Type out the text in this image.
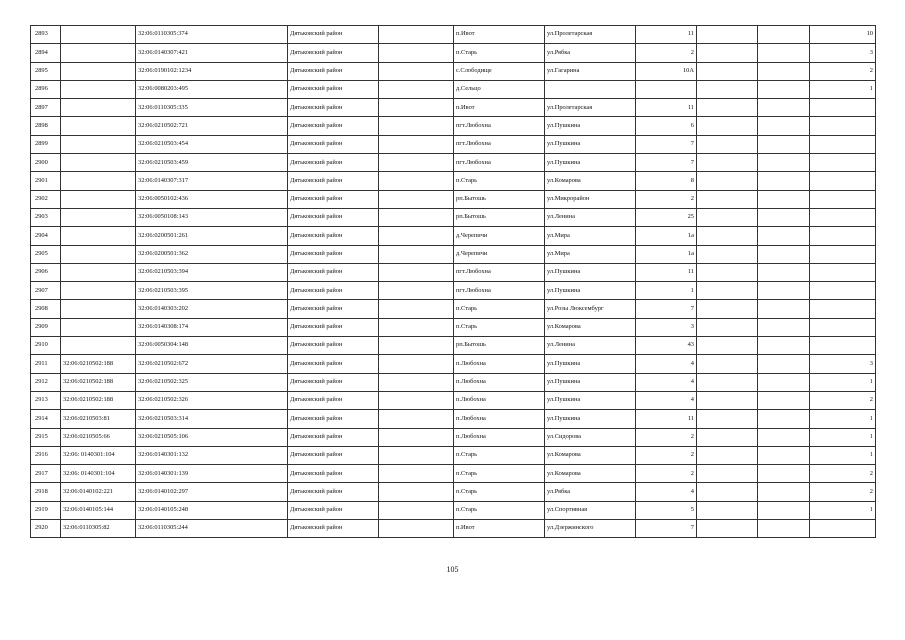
2893		32:06:0110305:374	Дятьковский район		п.Ивот	ул.Пролетарская	11			10
2894		32:06:0140307:421	Дятьковский район		п.Старь	ул.Рябка	2			3
2895		32:06:0190102:1234	Дятьковский район		с.Слободище	ул.Гагарина	10А			2
2896		32:06:0080203:495	Дятьковский район		д.Сельцо					1
2897		32:06:0110305:335	Дятьковский район		п.Ивот	ул.Пролетарская	11			
2898		32:06:0210502:721	Дятьковский район		пгт.Любохна	ул.Пушкина	6			
2899		32:06:0210503:454	Дятьковский район		пгт.Любохна	ул.Пушкина	7			
2900		32:06:0210503:459	Дятьковский район		пгт.Любохна	ул.Пушкина	7			
2901		32:06:0140307:317	Дятьковский район		п.Старь	ул.Комарова	8			
2902		32:06:0050102:436	Дятьковский район		рп.Бытошь	ул.Микрорайон	2			
2903		32:06:0050108:143	Дятьковский район		рп.Бытошь	ул.Ленина	25			
2904		32:06:0200501:261	Дятьковский район		д.Черепичи	ул.Мира	1а			
2905		32:06:0200501:362	Дятьковский район		д.Черепичи	ул.Мира	1а			
2906		32:06:0210503:394	Дятьковский район		пгт.Любохна	ул.Пушкина	11			
2907		32:06:0210503:395	Дятьковский район		пгт.Любохна	ул.Пушкина	1			
2908		32:06:0140303:202	Дятьковский район		п.Старь	ул.Розы Люксембург	7			
2909		32:06:0140308:174	Дятьковский район		п.Старь	ул.Комарова	3			
2910		32:06:0050304:148	Дятьковский район		рп.Бытошь	ул.Ленина	43			
2911	32:06:0210502:188	32:06:0210502:672	Дятьковский район		п.Любохна	ул.Пушкина	4			3
2912	32:06:0210502:188	32:06:0210502:325	Дятьковский район		п.Любохна	ул.Пушкина	4			1
2913	32:06:0210502:188	32:06:0210502:326	Дятьковский район		п.Любохна	ул.Пушкина	4			2
2914	32:06:0210503:81	32:06:0210503:314	Дятьковский район		п.Любохна	ул.Пушкина	11			1
2915	32:06:0210505:66	32:06:0210505:106	Дятьковский район		п.Любохна	ул.Сидорова	2			1
2916	32:06: 0140301:104	32:06:0140301:132	Дятьковский район		п.Старь	ул.Комарова	2			1
2917	32:06: 0140301:104	32:06:0140301:139	Дятьковский район		п.Старь	ул.Комарова	2			2
2918	32:06:0140102:221	32:06:0140102:297	Дятьковский район		п.Старь	ул.Рябка	4			2
2919	32:06:0140105:144	32:06:0140105:248	Дятьковский район		п.Старь	ул.Спортивная	5			1
2920	32:06:0110305:82	32:06:0110305:244	Дятьковский район		п.Ивот	ул.Дзержинского	7			
105
